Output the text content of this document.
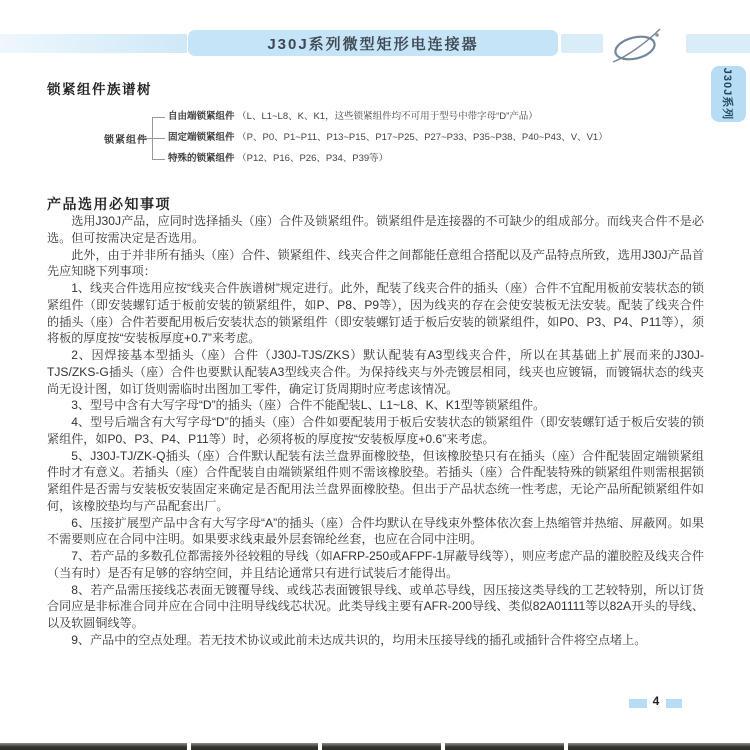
J30J系列微型矩形电连接器
J30J系列
锁紧组件族谱树
锁紧组件
自由端锁紧组件 （L、L1~L8、K、K1，这些锁紧组件均不可用于型号中带字母“D”产品）
固定端锁紧组件 （P、P0、P1~P11、P13~P15、P17~P25、P27~P33、P35~P38、P40~P43、V、V1）
特殊的锁紧组件 （P12、P16、P26、P34、P39等）
产品选用必知事项

选用J30J产品，应同时选择插头（座）合件及锁紧组件。锁紧组件是连接器的不可缺少的组成部分。而线夹合件不是必选。但可按需决定是否选用。

此外，由于并非所有插头（座）合件、锁紧组件、线夹合件之间都能任意组合搭配以及产品特点所致，选用J30J产品首先应知晓下列事项：

1、线夹合件选用应按“线夹合件族谱树”规定进行。此外，配装了线夹合件的插头（座）合件不宜配用板前安装状态的锁紧组件（即安装螺钉适于板前安装的锁紧组件，如P、P8、P9等），因为线夹的存在会使安装板无法安装。配装了线夹合件的插头（座）合件若要配用板后安装状态的锁紧组件（即安装螺钉适于板后安装的锁紧组件，如P0、P3、P4、P11等），须将板的厚度按“安装板厚度+0.7”来考虑。

2、因焊接基本型插头（座）合件（J30J-TJS/ZKS）默认配装有A3型线夹合件，所以在其基础上扩展而来的J30J-TJS/ZKS-G插头（座）合件也要默认配装A3型线夹合件。为保持线夹与外壳镀层相同，线夹也应镀镉，而镀镉状态的线夹尚无设计图，如订货则需临时出图加工零件，确定订货周期时应考虑该情况。

3、型号中含有大写字母“D”的插头（座）合件不能配装L、L1~L8、K、K1型等锁紧组件。

4、型号后端含有大写字母“D”的插头（座）合件如要配装用于板后安装状态的锁紧组件（即安装螺钉适于板后安装的锁紧组件，如P0、P3、P4、P11等）时，必须将板的厚度按“安装板厚度+0.6”来考虑。

5、J30J-TJ/ZK-Q插头（座）合件默认配装有法兰盘界面橡胶垫，但该橡胶垫只有在插头（座）合件配装固定端锁紧组件时才有意义。若插头（座）合件配装自由端锁紧组件则不需该橡胶垫。若插头（座）合件配装特殊的锁紧组件则需根据锁紧组件是否需与安装板安装固定来确定是否配用法兰盘界面橡胶垫。但出于产品状态统一性考虑，无论产品所配锁紧组件如何，该橡胶垫均与产品配套出厂。

6、压接扩展型产品中含有大写字母“A”的插头（座）合件均默认在导线束外整体依次套上热缩管并热缩、屏蔽网。如果不需要则应在合同中注明。如果要求线束最外层套锦纶丝套，也应在合同中注明。

7、若产品的多数孔位都需接外径较粗的导线（如AFRP-250或AFPF-1屏蔽导线等），则应考虑产品的灌胶腔及线夹合件（当有时）是否有足够的容纳空间，并且结论通常只有进行试装后才能得出。

8、若产品需压接线芯表面无镀覆导线、或线芯表面镀银导线、或单芯导线，因压接这类导线的工艺较特别，所以订货合同应是非标准合同并应在合同中注明导线线芯状况。此类导线主要有AFR-200导线、类似82A01111等以82A开头的导线、以及软圆铜线等。

9、产品中的空点处理。若无技术协议或此前未达成共识的，均用未压接导线的插孔或插针合件将空点堵上。

4
